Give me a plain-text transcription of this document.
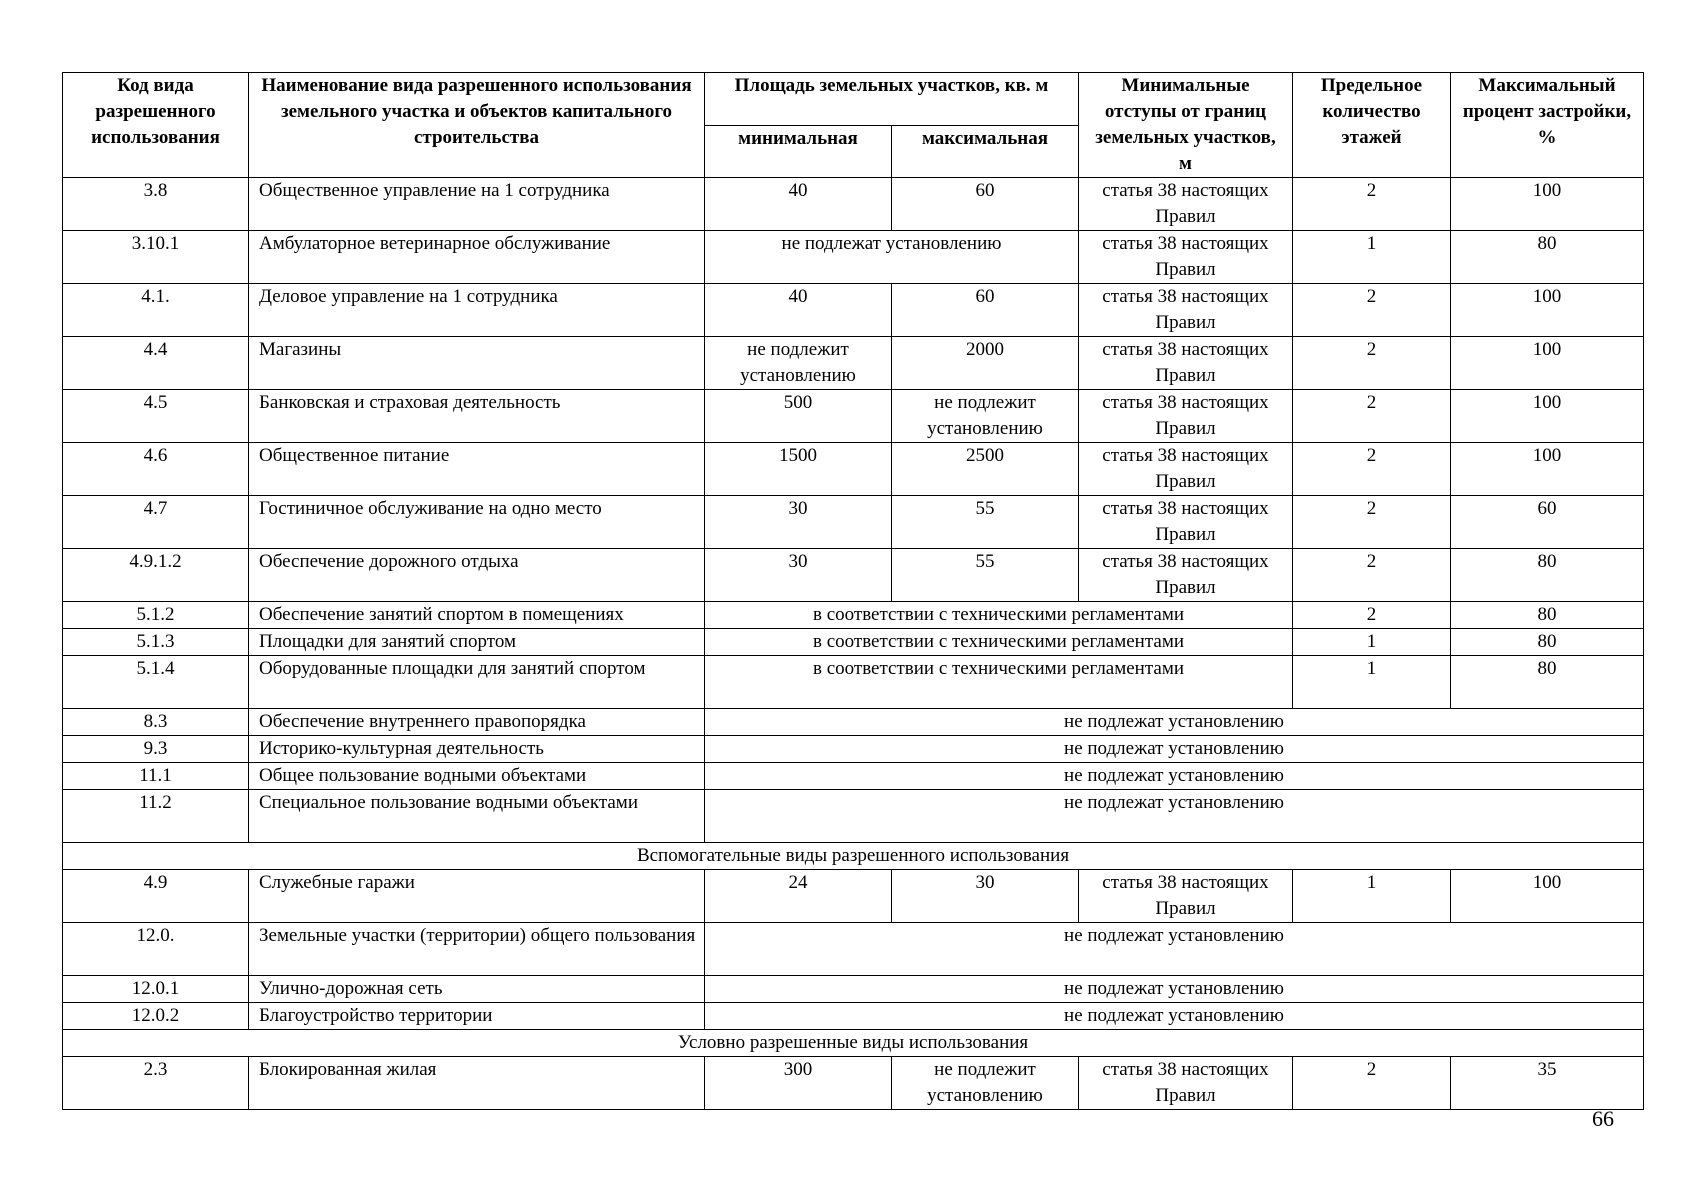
Код вида разрешенного использования	Наименование вида разрешенного использования земельного участка и объектов капитального строительства	Площадь земельных участков, кв. м		Минимальные отступы от границ земельных участков, м	Предельное количество этажей	Максимальный процент застройки, %
		минимальная	максимальная			
3.8	Общественное управление на 1 сотрудника	40	60	статья 38 настоящих Правил	2	100
3.10.1	Амбулаторное ветеринарное обслуживание	не подлежат установлению		статья 38 настоящих Правил	1	80
4.1.	Деловое управление на 1 сотрудника	40	60	статья 38 настоящих Правил	2	100
4.4	Магазины	не подлежит установлению	2000	статья 38 настоящих Правил	2	100
4.5	Банковская и страховая деятельность	500	не подлежит установлению	статья 38 настоящих Правил	2	100
4.6	Общественное питание	1500	2500	статья 38 настоящих Правил	2	100
4.7	Гостиничное обслуживание на одно место	30	55	статья 38 настоящих Правил	2	60
4.9.1.2	Обеспечение дорожного отдыха	30	55	статья 38 настоящих Правил	2	80
5.1.2	Обеспечение занятий спортом в помещениях	в соответствии с техническими регламентами			2	80
5.1.3	Площадки для занятий спортом	в соответствии с техническими регламентами			1	80
5.1.4	Оборудованные площадки для занятий спортом	в соответствии с техническими регламентами			1	80
8.3	Обеспечение внутреннего правопорядка	не подлежат установлению				
9.3	Историко-культурная деятельность	не подлежат установлению				
11.1	Общее пользование водными объектами	не подлежат установлению				
11.2	Специальное пользование водными объектами	не подлежат установлению				
Вспомогательные виды разрешенного использования						
4.9	Служебные гаражи	24	30	статья 38 настоящих Правил	1	100
12.0.	Земельные участки (территории) общего пользования	не подлежат установлению				
12.0.1	Улично-дорожная сеть	не подлежат установлению				
12.0.2	Благоустройство территории	не подлежат установлению				
Условно разрешенные виды использования						
2.3	Блокированная жилая	300	не подлежит установлению	статья 38 настоящих Правил	2	35
66
